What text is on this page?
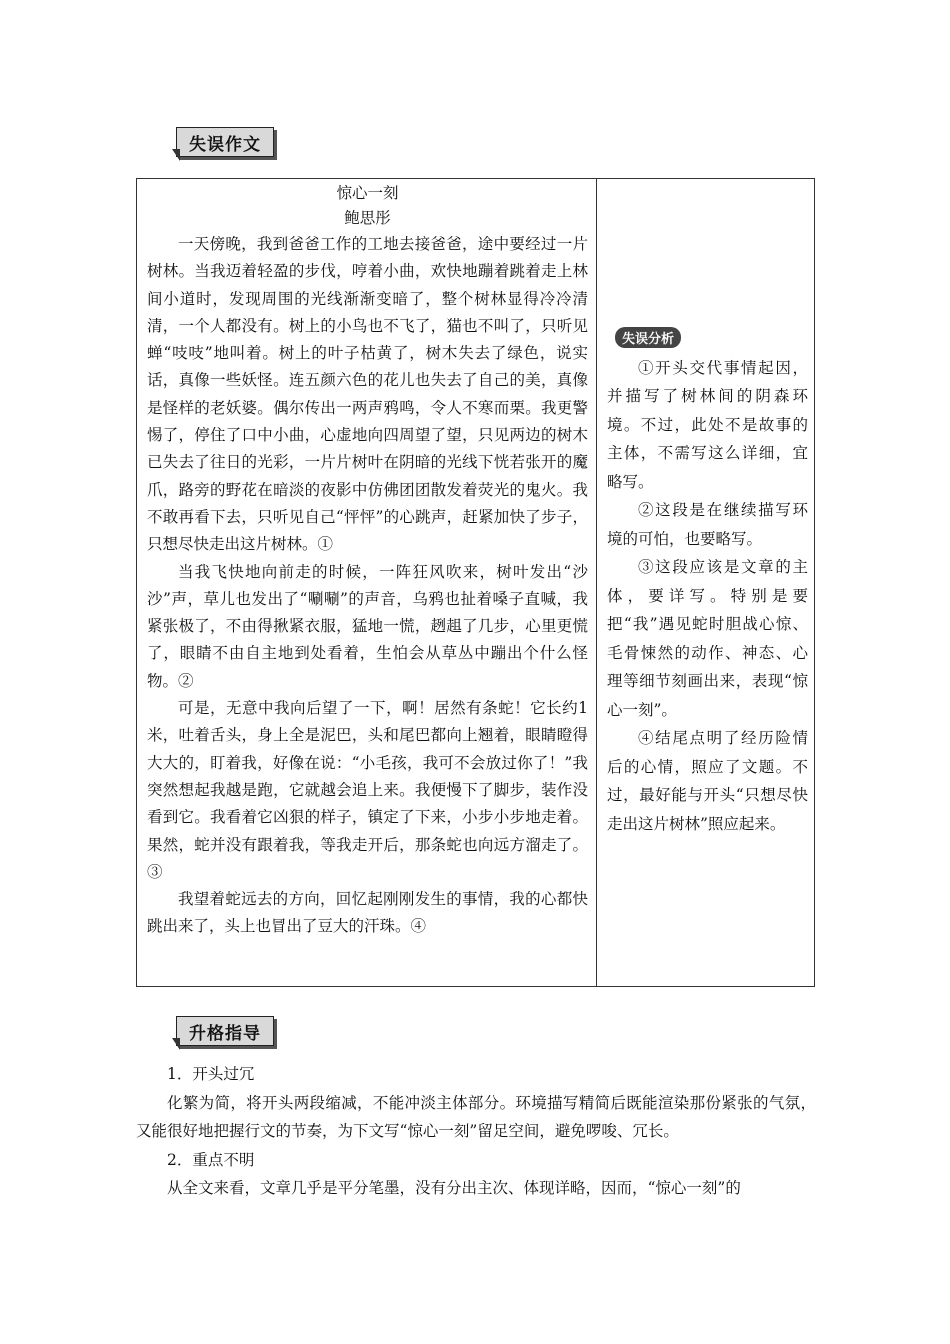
失误作文

惊心一刻

鲍思彤

一天傍晚，我到爸爸工作的工地去接爸爸，途中要经过一片树林。当我迈着轻盈的步伐，哼着小曲，欢快地蹦着跳着走上林间小道时，发现周围的光线渐渐变暗了，整个树林显得冷冷清清，一个人都没有。树上的小鸟也不飞了，猫也不叫了，只听见蝉“吱吱”地叫着。树上的叶子枯黄了，树木失去了绿色，说实话，真像一些妖怪。连五颜六色的花儿也失去了自己的美，真像是怪样的老妖婆。偶尔传出一两声鸦鸣，令人不寒而栗。我更警惕了，停住了口中小曲，心虚地向四周望了望，只见两边的树木已失去了往日的光彩，一片片树叶在阴暗的光线下恍若张开的魔爪，路旁的野花在暗淡的夜影中仿佛团团散发着荧光的鬼火。我不敢再看下去，只听见自己“怦怦”的心跳声，赶紧加快了步子，只想尽快走出这片树林。①

当我飞快地向前走的时候，一阵狂风吹来，树叶发出“沙沙”声，草儿也发出了“唰唰”的声音，乌鸦也扯着嗓子直喊，我紧张极了，不由得揪紧衣服，猛地一慌，趔趄了几步，心里更慌了，眼睛不由自主地到处看着，生怕会从草丛中蹦出个什么怪物。②

可是，无意中我向后望了一下，啊！居然有条蛇！它长约1米，吐着舌头，身上全是泥巴，头和尾巴都向上翘着，眼睛瞪得大大的，盯着我，好像在说：“小毛孩，我可不会放过你了！”我突然想起我越是跑，它就越会追上来。我便慢下了脚步，装作没看到它。我看着它凶狠的样子，镇定了下来，小步小步地走着。果然，蛇并没有跟着我，等我走开后，那条蛇也向远方溜走了。③

我望着蛇远去的方向，回忆起刚刚发生的事情，我的心都快跳出来了，头上也冒出了豆大的汗珠。④

失误分析

①开头交代事情起因，并描写了树林间的阴森环境。不过，此处不是故事的主体，不需写这么详细，宜略写。

②这段是在继续描写环境的可怕，也要略写。

③这段应该是文章的主体，要详写。特别是要把“我”遇见蛇时胆战心惊、毛骨悚然的动作、神态、心理等细节刻画出来，表现“惊心一刻”。

④结尾点明了经历险情后的心情，照应了文题。不过，最好能与开头“只想尽快走出这片树林”照应起来。

升格指导

1．开头过冗

化繁为简，将开头两段缩减，不能冲淡主体部分。环境描写精简后既能渲染那份紧张的气氛，又能很好地把握行文的节奏，为下文写“惊心一刻”留足空间，避免啰唆、冗长。

2．重点不明

从全文来看，文章几乎是平分笔墨，没有分出主次、体现详略，因而，“惊心一刻”的
